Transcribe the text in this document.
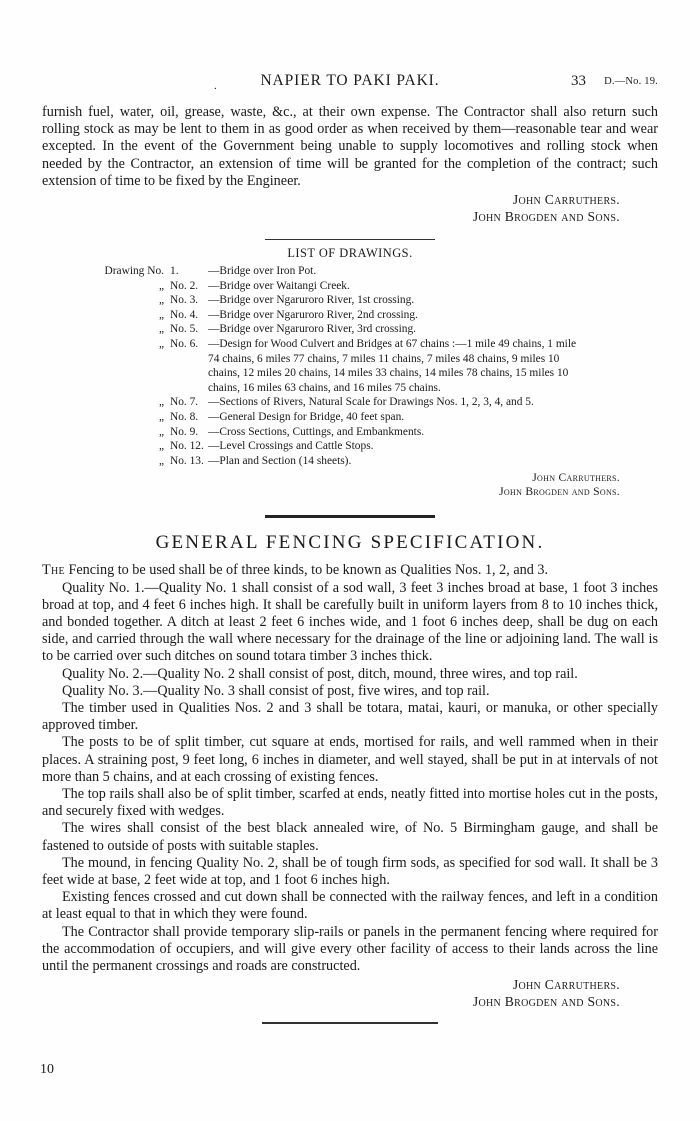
.	NAPIER TO PAKI PAKI.	33 D.—No. 19.

furnish fuel, water, oil, grease, waste, &c., at their own expense. The Contractor shall also return such rolling stock as may be lent to them in as good order as when received by them—reasonable tear and wear excepted. In the event of the Government being unable to supply locomotives and rolling stock when needed by the Contractor, an extension of time will be granted for the completion of the contract; such extension of time to be fixed by the Engineer.

John Carruthers.
John Brogden and Sons.
LIST OF DRAWINGS.
Drawing No.	1.	—Bridge over Iron Pot.
„	No. 2.	—Bridge over Waitangi Creek.
„	No. 3.	—Bridge over Ngaruroro River, 1st crossing.
„	No. 4.	—Bridge over Ngaruroro River, 2nd crossing.
„	No. 5.	—Bridge over Ngaruroro River, 3rd crossing.
„	No. 6.	—Design for Wood Culvert and Bridges at 67 chains :—1 mile 49 chains, 1 mile
		74 chains, 6 miles 77 chains, 7 miles 11 chains, 7 miles 48 chains, 9 miles 10
		chains, 12 miles 20 chains, 14 miles 33 chains, 14 miles 78 chains, 15 miles 10
		chains, 16 miles 63 chains, and 16 miles 75 chains.
„	No. 7.	—Sections of Rivers, Natural Scale for Drawings Nos. 1, 2, 3, 4, and 5.
„	No. 8.	—General Design for Bridge, 40 feet span.
„	No. 9.	—Cross Sections, Cuttings, and Embankments.
„	No. 12.	—Level Crossings and Cattle Stops.
„	No. 13.	—Plan and Section (14 sheets).
John Carruthers.
John Brogden and Sons.
GENERAL FENCING SPECIFICATION.

The Fencing to be used shall be of three kinds, to be known as Qualities Nos. 1, 2, and 3.

Quality No. 1.—Quality No. 1 shall consist of a sod wall, 3 feet 3 inches broad at base, 1 foot 3 inches broad at top, and 4 feet 6 inches high. It shall be carefully built in uniform layers from 8 to 10 inches thick, and bonded together. A ditch at least 2 feet 6 inches wide, and 1 foot 6 inches deep, shall be dug on each side, and carried through the wall where necessary for the drainage of the line or adjoining land. The wall is to be carried over such ditches on sound totara timber 3 inches thick.

Quality No. 2.—Quality No. 2 shall consist of post, ditch, mound, three wires, and top rail.

Quality No. 3.—Quality No. 3 shall consist of post, five wires, and top rail.

The timber used in Qualities Nos. 2 and 3 shall be totara, matai, kauri, or manuka, or other specially approved timber.

The posts to be of split timber, cut square at ends, mortised for rails, and well rammed when in their places. A straining post, 9 feet long, 6 inches in diameter, and well stayed, shall be put in at intervals of not more than 5 chains, and at each crossing of existing fences.

The top rails shall also be of split timber, scarfed at ends, neatly fitted into mortise holes cut in the posts, and securely fixed with wedges.

The wires shall consist of the best black annealed wire, of No. 5 Birmingham gauge, and shall be fastened to outside of posts with suitable staples.

The mound, in fencing Quality No. 2, shall be of tough firm sods, as specified for sod wall. It shall be 3 feet wide at base, 2 feet wide at top, and 1 foot 6 inches high.

Existing fences crossed and cut down shall be connected with the railway fences, and left in a condition at least equal to that in which they were found.

The Contractor shall provide temporary slip-rails or panels in the permanent fencing where required for the accommodation of occupiers, and will give every other facility of access to their lands across the line until the permanent crossings and roads are constructed.

John Carruthers.
John Brogden and Sons.
10
